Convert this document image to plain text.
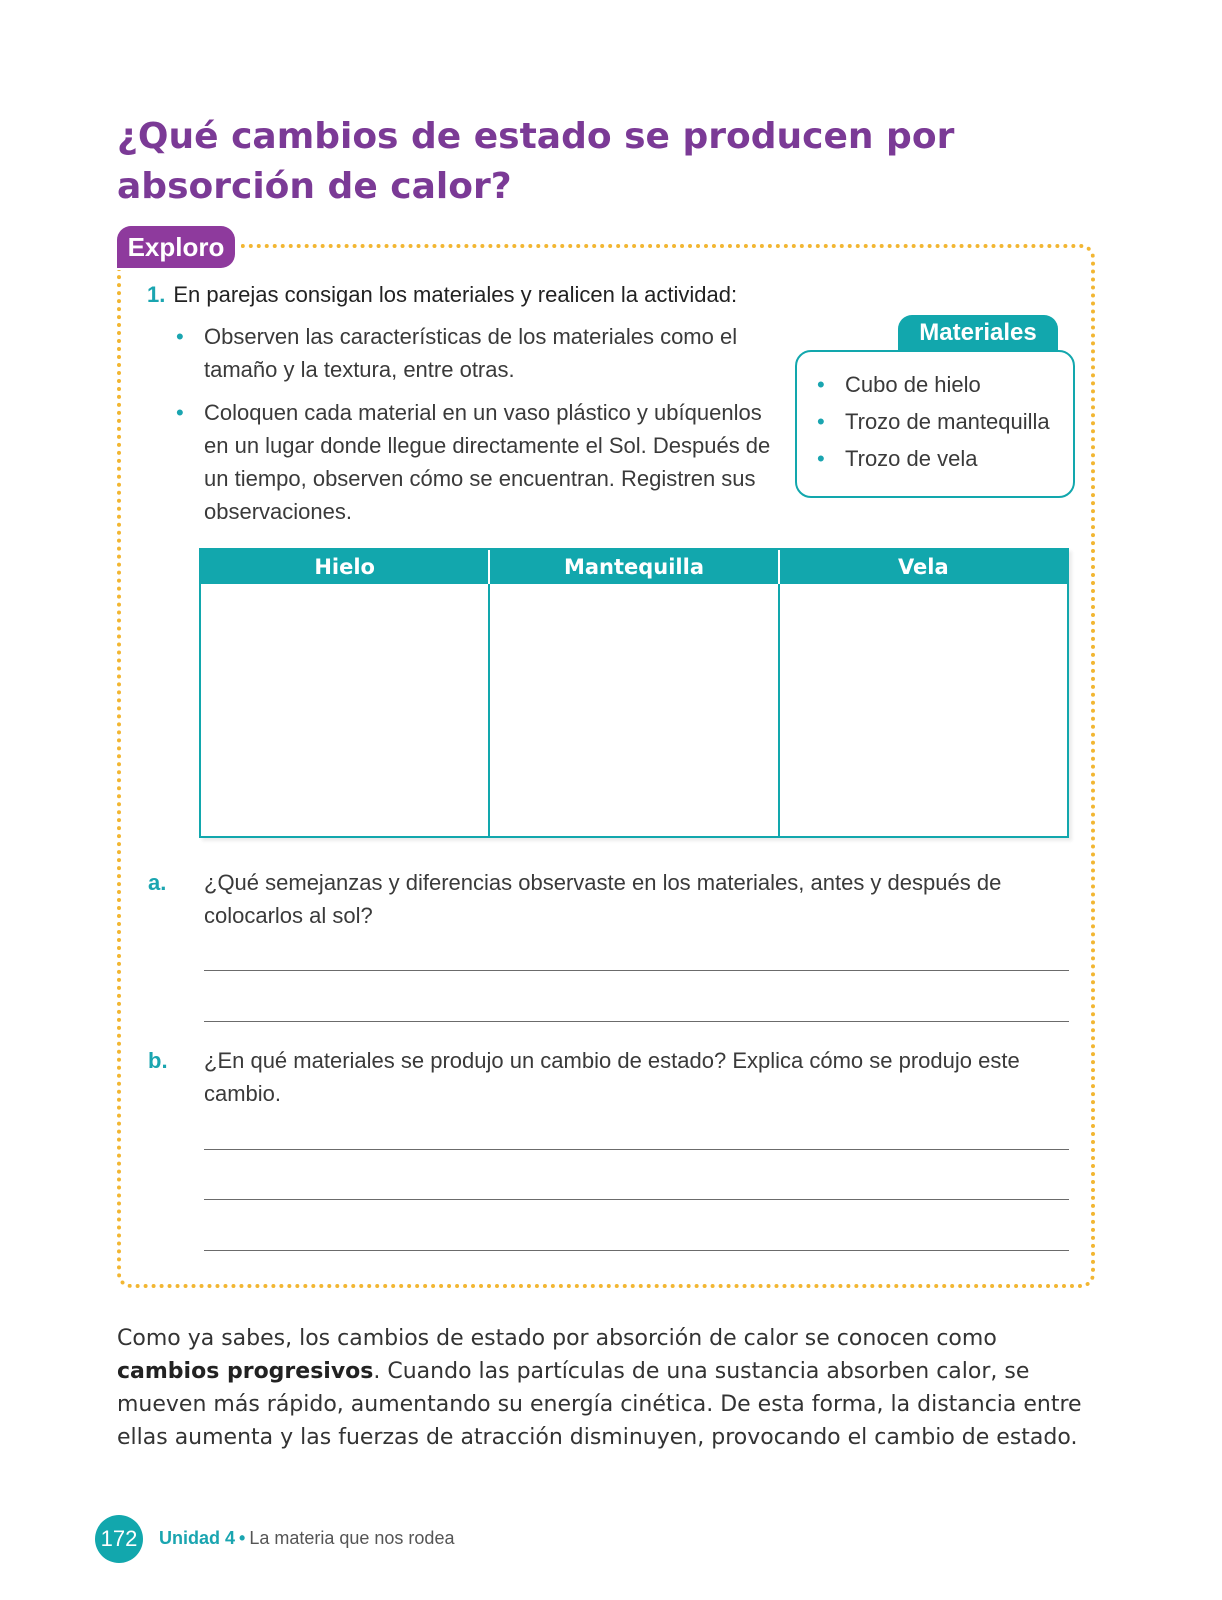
¿Qué cambios de estado se producen por absorción de calor?
Exploro
1. En parejas consigan los materiales y realicen la actividad:
• Observen las características de los materiales como el tamaño y la textura, entre otras.
• Coloquen cada material en un vaso plástico y ubíquenlos en un lugar donde llegue directamente el Sol. Después de un tiempo, observen cómo se encuentran. Registren sus observaciones.
Materiales
• Cubo de hielo
• Trozo de mantequilla
• Trozo de vela
Hielo	Mantequilla	Vela
a. ¿Qué semejanzas y diferencias observaste en los materiales, antes y después de colocarlos al sol?
b. ¿En qué materiales se produjo un cambio de estado? Explica cómo se produjo este cambio.

Como ya sabes, los cambios de estado por absorción de calor se conocen como cambios progresivos. Cuando las partículas de una sustancia absorben calor, se mueven más rápido, aumentando su energía cinética. De esta forma, la distancia entre ellas aumenta y las fuerzas de atracción disminuyen, provocando el cambio de estado.

172	Unidad 4 • La materia que nos rodea
